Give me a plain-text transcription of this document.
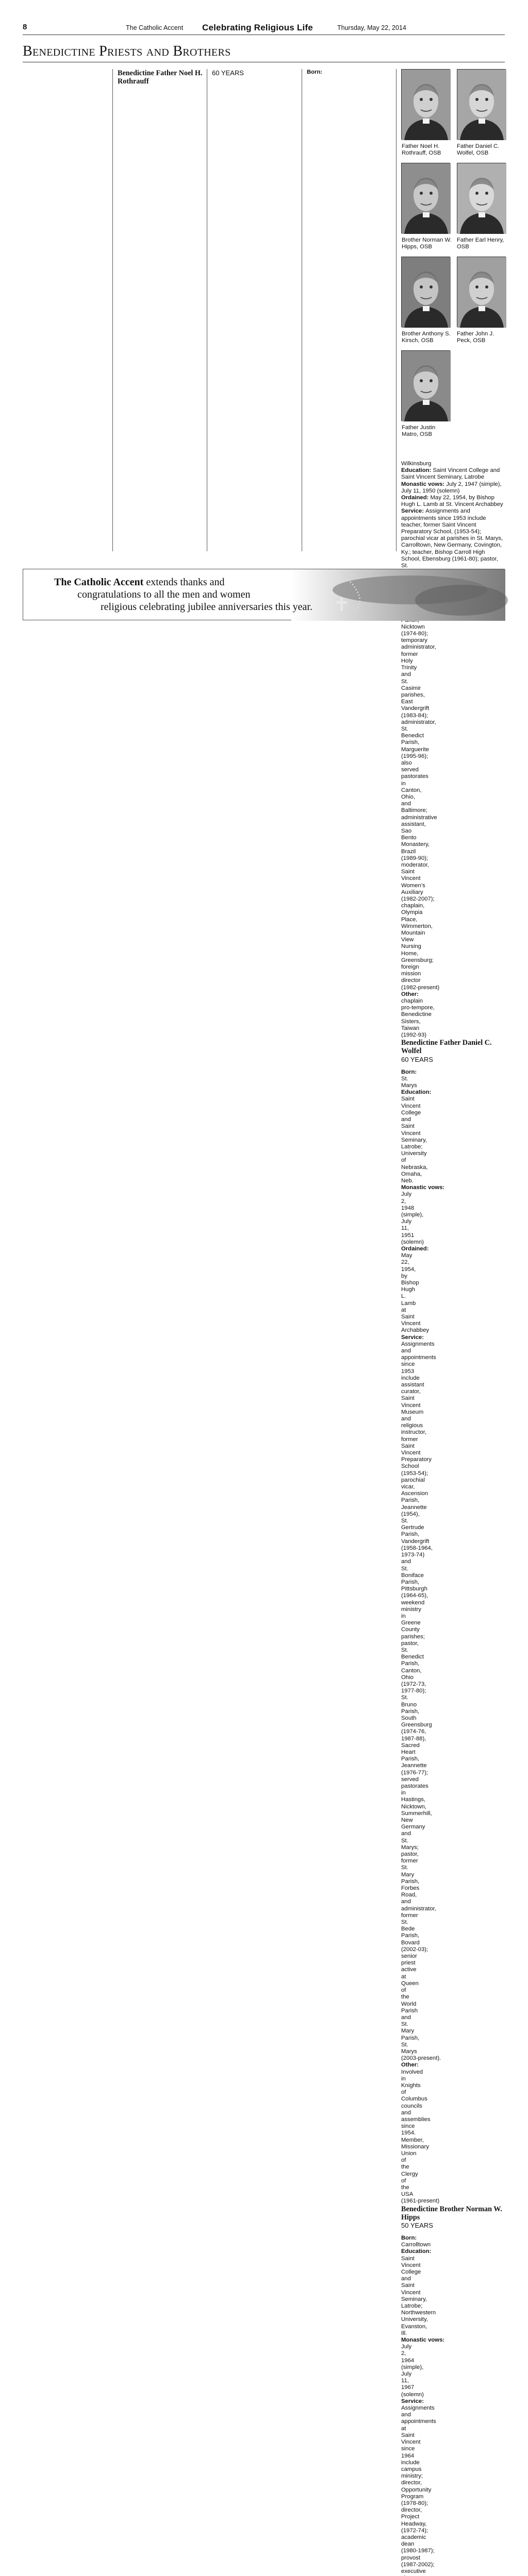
8	The Catholic Accent Celebrating Religious Life	Thursday, May 22, 2014
Benedictine Priests and Brothers
Benedictine Father Noel H. Rothrauff
60 YEARS	Born:
Wilkinsburg
Education: Saint Vincent College and Saint Vincent Seminary, Latrobe
Monastic vows: July 2, 1947 (simple), July 11, 1950 (solemn)
Ordained: May 22, 1954, by Bishop Hugh L. Lamb at St. Vincent Archabbey
Service: Assignments and appointments since 1953 include teacher, former Saint Vincent Preparatory School, (1953-54); parochial vicar at parishes in St. Marys, Carrolltown, New Germany, Covington, Ky.; teacher, Bishop Carroll High School, Ebensburg (1961-80); pastor,
St.
Nicktown
(1974-80);
temporary
administrator,
former
Holy
Trinity
and
St.
Casimir
parishes,
East
Vandergrift
(1983-84);
administrator,
St.
Benedict
Parish,
Marguerite
(1995-96);
also
served
pastorates
in
Canton,
Ohio,
and
Baltimore;
administrative
assistant,
Sao
Bento
Monastery,
Brazil
(1989-90);
moderator,
Saint
Vincent
Women’s
Auxiliary
(1982-2007);
chaplain,
Olympia
Place,
Wimmerton,
Mountain
View
Nursing
Home,
Greensburg;
foreign
mission
director
(1982-present)
Other:
chaplain
pro-tempore,
Benedictine
Sisters,
Taiwan
(1992-93)
Benedictine Father Daniel C. Wolfel
60 YEARS
Born:
St.
Marys
Education:
Saint
Vincent
College
and
Saint
Vincent
Seminary,
Latrobe;
University
of
Nebraska,
Omaha,
Neb.
Monastic vows:
July
2,
1948
(simple),
July
11,
1951
(solemn)
Ordained:
May
22,
1954,
by
Bishop
Hugh
L.
Lamb
at
Saint
Vincent
Archabbey
Service:
Assignments
and
appointments
since
1953
include
assistant
curator,
Saint
Vincent
Museum
and
religious
instructor,
former
Saint
Vincent
Preparatory
School
(1953-54);
parochial
vicar,
Ascension
Parish,
Jeannette
(1954),
St.
Gertrude
Parish,
Vandergrift
(1958-1964,
1973-74)
and
St.
Boniface
Parish,
Pittsburgh
(1964-65),
weekend
ministry
in
Greene
County
parishes;
pastor,
St.
Benedict
Parish,
Canton,
Ohio
(1972-73,
1977-80);
St.
Bruno
Parish,
South
Greensburg
(1974-76,
1987-88),
Sacred
Heart
Parish,
Jeannette
(1976-77);
served
pastorates
in
Hastings,
Nicktown,
Summerhill,
New
Germany
and
St.
Marys;
pastor,
former
St.
Mary
Parish,
Forbes
Road,
and
administrator,
former
St.
Bede
Parish,
Bovard
(2002-03);
senior
priest
active
at
Queen
of
the
World
Parish
and
St.
Mary
Parish,
St.
Marys
(2003-present).
Other:
Involved
in
Knights
of
Columbus
councils
and
assemblies
since
1954.
Member,
Missionary
Union
of
the
Clergy
of
the
USA
(1961-present)
Benedictine Brother Norman W. Hipps
50 YEARS
Born:
Carrolltown
Education:
Saint
Vincent
College
and
Saint
Vincent
Seminary,
Latrobe;
Northwestern
University,
Evanston,
Ill.
Monastic vows:
July
2,
1964
(simple),
July
11,
1967
(solemn)
Service:
Assignments
and
appointments
at
Saint
Vincent
since
1964
include
campus
ministry;
director,
Opportunity
Program
(1978-80);
director,
Project
Headway,
(1972-74);
academic
dean
(1980-1987);
provost
(1987-2002);
executive
Father Noel H. Rothrauff, OSB
Father Daniel C. Wolfel, OSB
Brother Norman W. Hipps, OSB
Father Earl Henry, OSB
Brother Anthony S. Kirsch, OSB
Father John J. Peck, OSB
Father Justin Matro, OSB
The Catholic Accent extends thanks and
congratulations to all the men and women
religious celebrating jubilee anniversaries this year.
